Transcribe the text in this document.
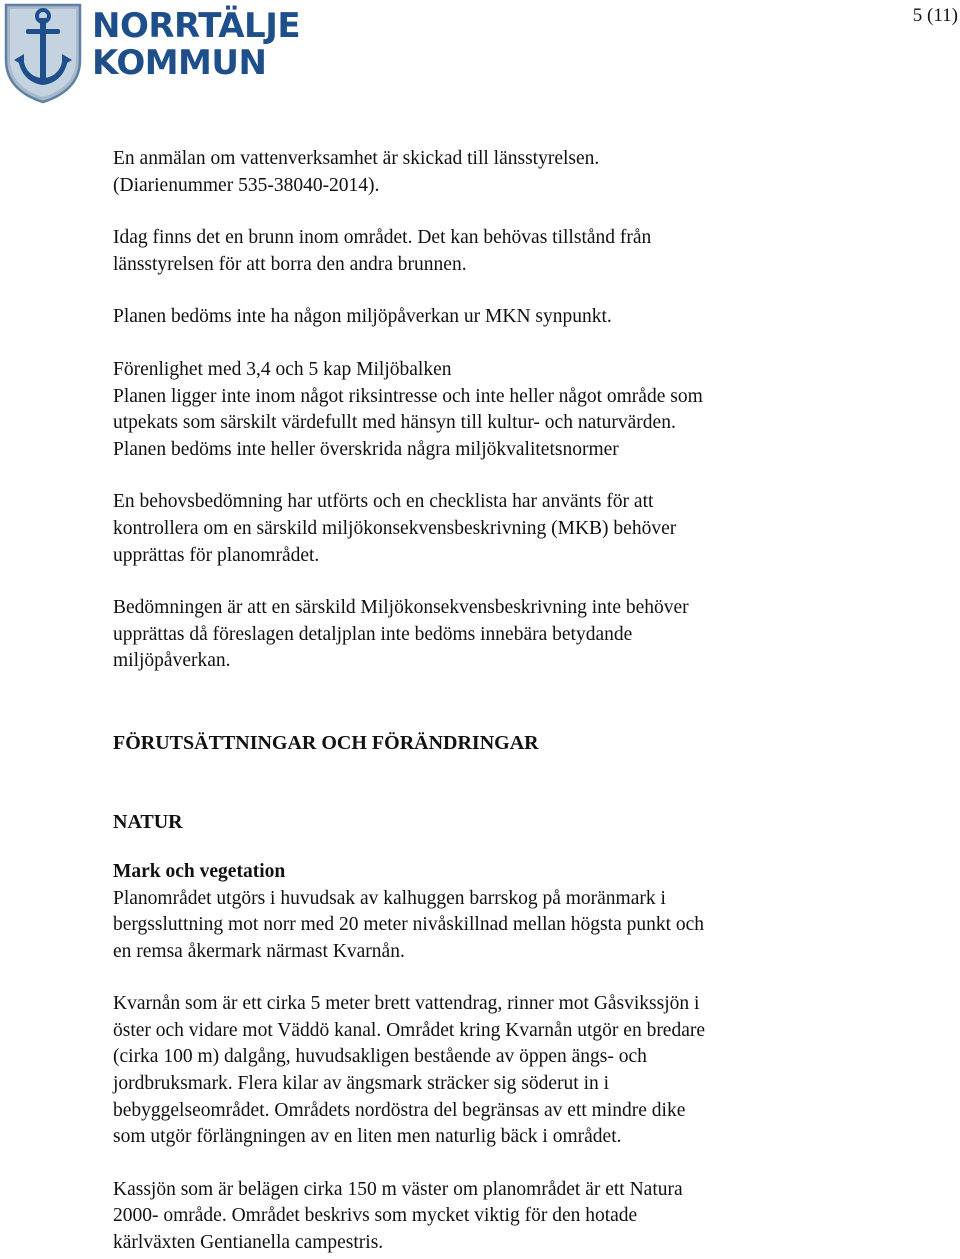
NORRTÄLJE
KOMMUN
5 (11)

En anmälan om vattenverksamhet är skickad till länsstyrelsen.
(Diarienummer 535-38040-2014).

Idag finns det en brunn inom området. Det kan behövas tillstånd från
länsstyrelsen för att borra den andra brunnen.

Planen bedöms inte ha någon miljöpåverkan ur MKN synpunkt.

Förenlighet med 3,4 och 5 kap Miljöbalken
Planen ligger inte inom något riksintresse och inte heller något område som
utpekats som särskilt värdefullt med hänsyn till kultur- och naturvärden.
Planen bedöms inte heller överskrida några miljökvalitetsnormer

En behovsbedömning har utförts och en checklista har använts för att
kontrollera om en särskild miljökonsekvensbeskrivning (MKB) behöver
upprättas för planområdet.

Bedömningen är att en särskild Miljökonsekvensbeskrivning inte behöver
upprättas då föreslagen detaljplan inte bedöms innebära betydande
miljöpåverkan.

FÖRUTSÄTTNINGAR OCH FÖRÄNDRINGAR
NATUR

Mark och vegetation
Planområdet utgörs i huvudsak av kalhuggen barrskog på moränmark i
bergssluttning mot norr med 20 meter nivåskillnad mellan högsta punkt och
en remsa åkermark närmast Kvarnån.

Kvarnån som är ett cirka 5 meter brett vattendrag, rinner mot Gåsvikssjön i
öster och vidare mot Väddö kanal. Området kring Kvarnån utgör en bredare
(cirka 100 m) dalgång, huvudsakligen bestående av öppen ängs- och
jordbruksmark. Flera kilar av ängsmark sträcker sig söderut in i
bebyggelseområdet. Områdets nordöstra del begränsas av ett mindre dike
som utgör förlängningen av en liten men naturlig bäck i området.

Kassjön som är belägen cirka 150 m väster om planområdet är ett Natura
2000- område. Området beskrivs som mycket viktig för den hotade
kärlväxten Gentianella campestris.
